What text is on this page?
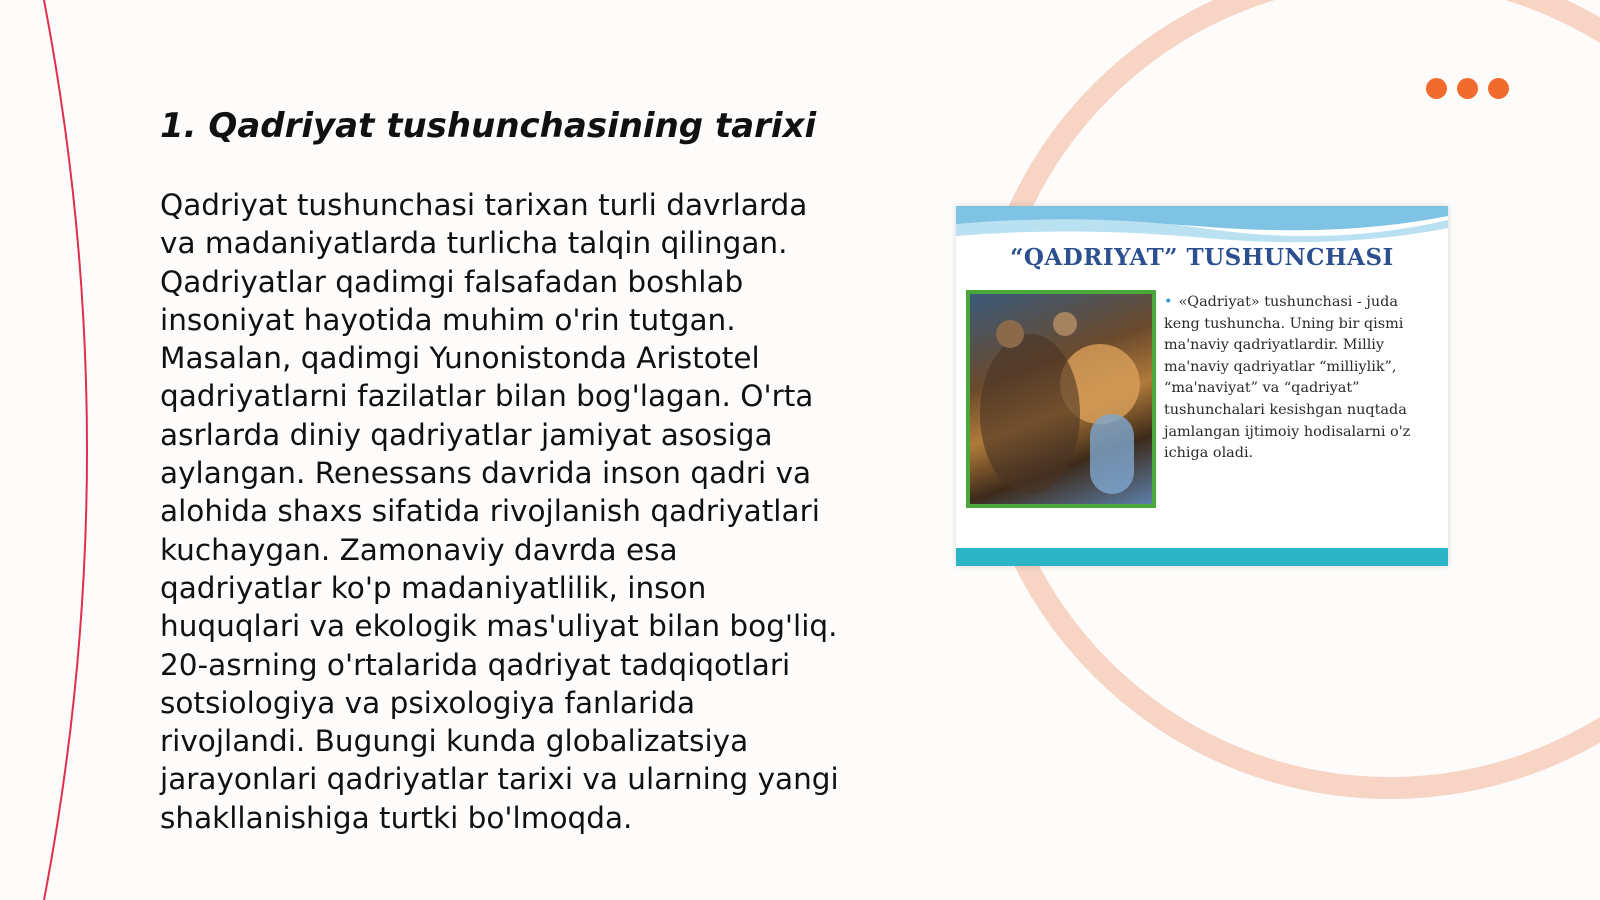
1. Qadriyat tushunchasining tarixi
Qadriyat tushunchasi tarixan turli davrlarda va madaniyatlarda turlicha talqin qilingan. Qadriyatlar qadimgi falsafadan boshlab insoniyat hayotida muhim o'rin tutgan. Masalan, qadimgi Yunonistonda Aristotel qadriyatlarni fazilatlar bilan bog'lagan. O'rta asrlarda diniy qadriyatlar jamiyat asosiga aylangan. Renessans davrida inson qadri va alohida shaxs sifatida rivojlanish qadriyatlari kuchaygan. Zamonaviy davrda esa qadriyatlar ko'p madaniyatlilik, inson huquqlari va ekologik mas'uliyat bilan bog'liq. 20-asrning o'rtalarida qadriyat tadqiqotlari sotsiologiya va psixologiya fanlarida rivojlandi. Bugungi kunda globalizatsiya jarayonlari qadriyatlar tarixi va ularning yangi shakllanishiga turtki bo'lmoqda.
“QADRIYAT” TUSHUNCHASI
• «Qadriyat» tushunchasi - juda keng tushuncha. Uning bir qismi ma'naviy qadriyatlardir. Milliy ma'naviy qadriyatlar “milliylik”, “ma'naviyat” va “qadriyat” tushunchalari kesishgan nuqtada jamlangan ijtimoiy hodisalarni o'z ichiga oladi.
